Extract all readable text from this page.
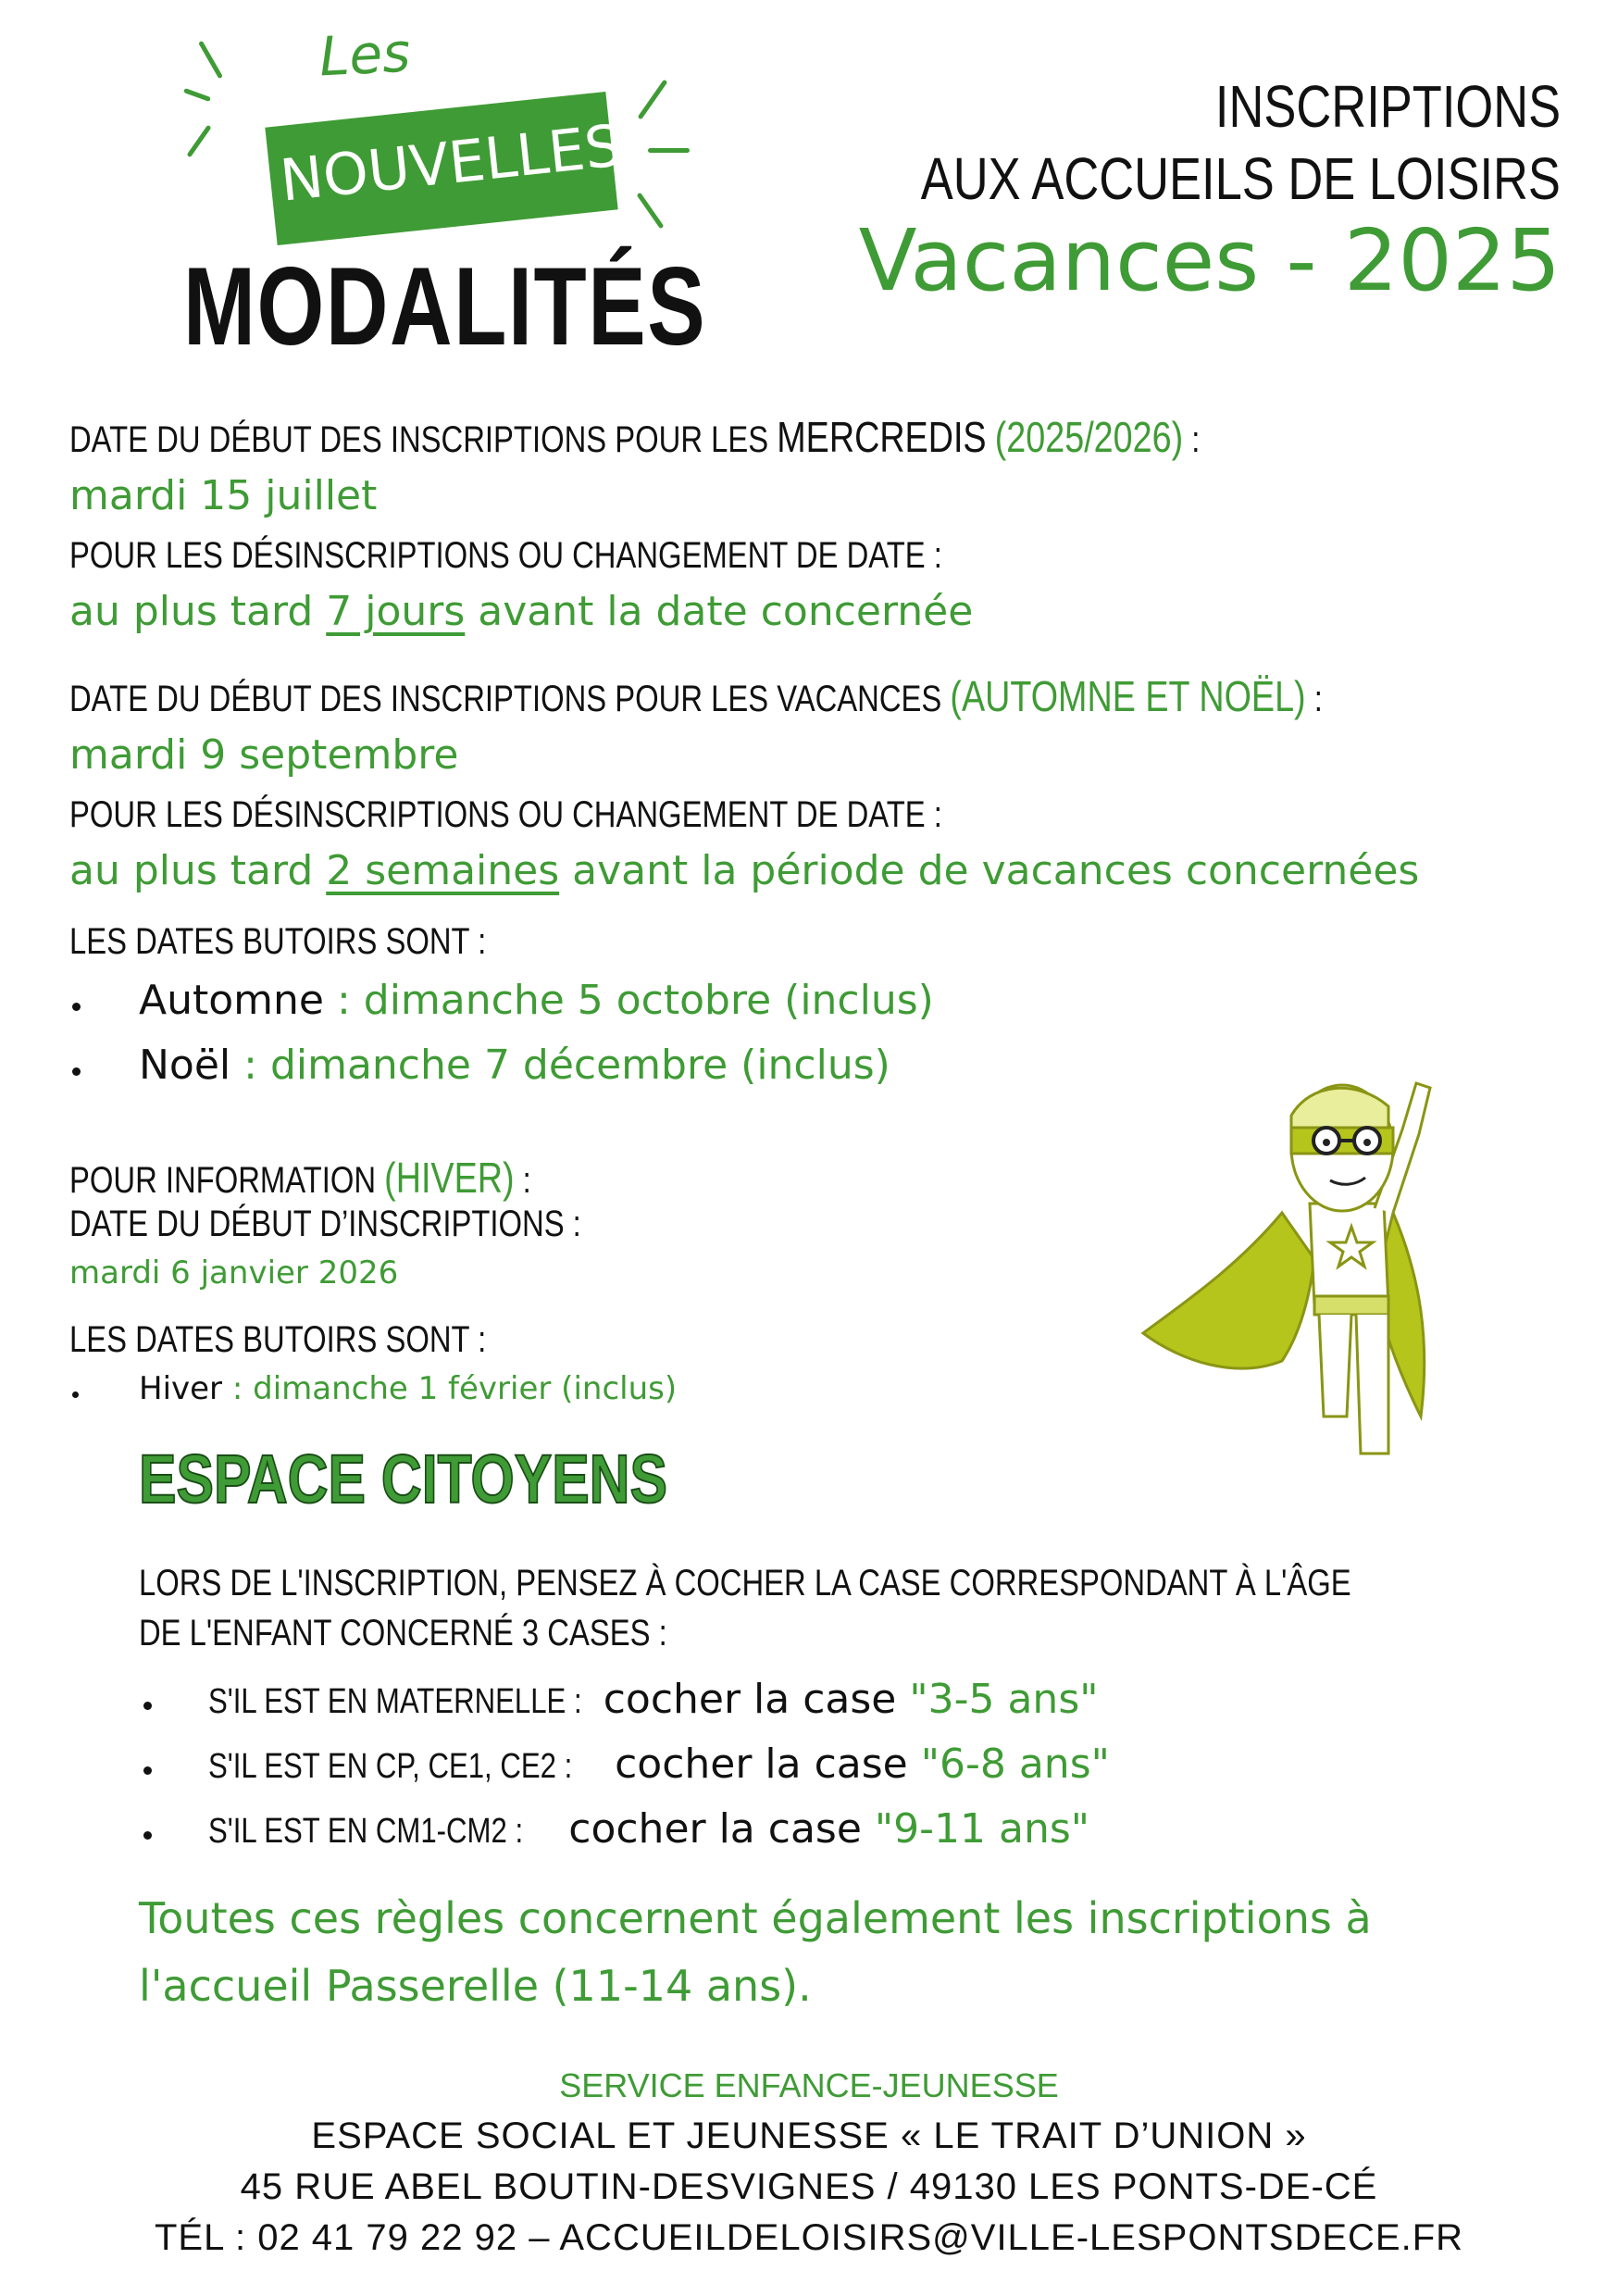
Les
NOUVELLES
MODALITÉS
INSCRIPTIONS
AUX ACCUEILS DE LOISIRS
Vacances - 2025
DATE DU DÉBUT DES INSCRIPTIONS POUR LES MERCREDIS (2025/2026) :
mardi 15 juillet
POUR LES DÉSINSCRIPTIONS OU CHANGEMENT DE DATE :
au plus tard 7 jours avant la date concernée
DATE DU DÉBUT DES INSCRIPTIONS POUR LES VACANCES (AUTOMNE ET NOËL) :
mardi 9 septembre
POUR LES DÉSINSCRIPTIONS OU CHANGEMENT DE DATE :
au plus tard 2 semaines avant la période de vacances concernées
LES DATES BUTOIRS SONT :
Automne : dimanche 5 octobre (inclus)
Noël : dimanche 7 décembre (inclus)
POUR INFORMATION (HIVER) :
DATE DU DÉBUT D’INSCRIPTIONS :
mardi 6 janvier 2026
LES DATES BUTOIRS SONT :
Hiver : dimanche 1 février (inclus)
ESPACE CITOYENS
LORS DE L'INSCRIPTION, PENSEZ À COCHER LA CASE CORRESPONDANT À L'ÂGE
DE L'ENFANT CONCERNÉ 3 CASES :
S'IL EST EN MATERNELLE : cocher la case "3-5 ans"
S'IL EST EN CP, CE1, CE2 : cocher la case "6-8 ans"
S'IL EST EN CM1-CM2 : cocher la case "9-11 ans"
Toutes ces règles concernent également les inscriptions à
l'accueil Passerelle (11-14 ans).
SERVICE ENFANCE-JEUNESSE
ESPACE SOCIAL ET JEUNESSE « LE TRAIT D’UNION »
45 RUE ABEL BOUTIN-DESVIGNES / 49130 LES PONTS-DE-CÉ
TÉL : 02 41 79 22 92 – ACCUEILDELOISIRS@VILLE-LESPONTSDECE.FR
